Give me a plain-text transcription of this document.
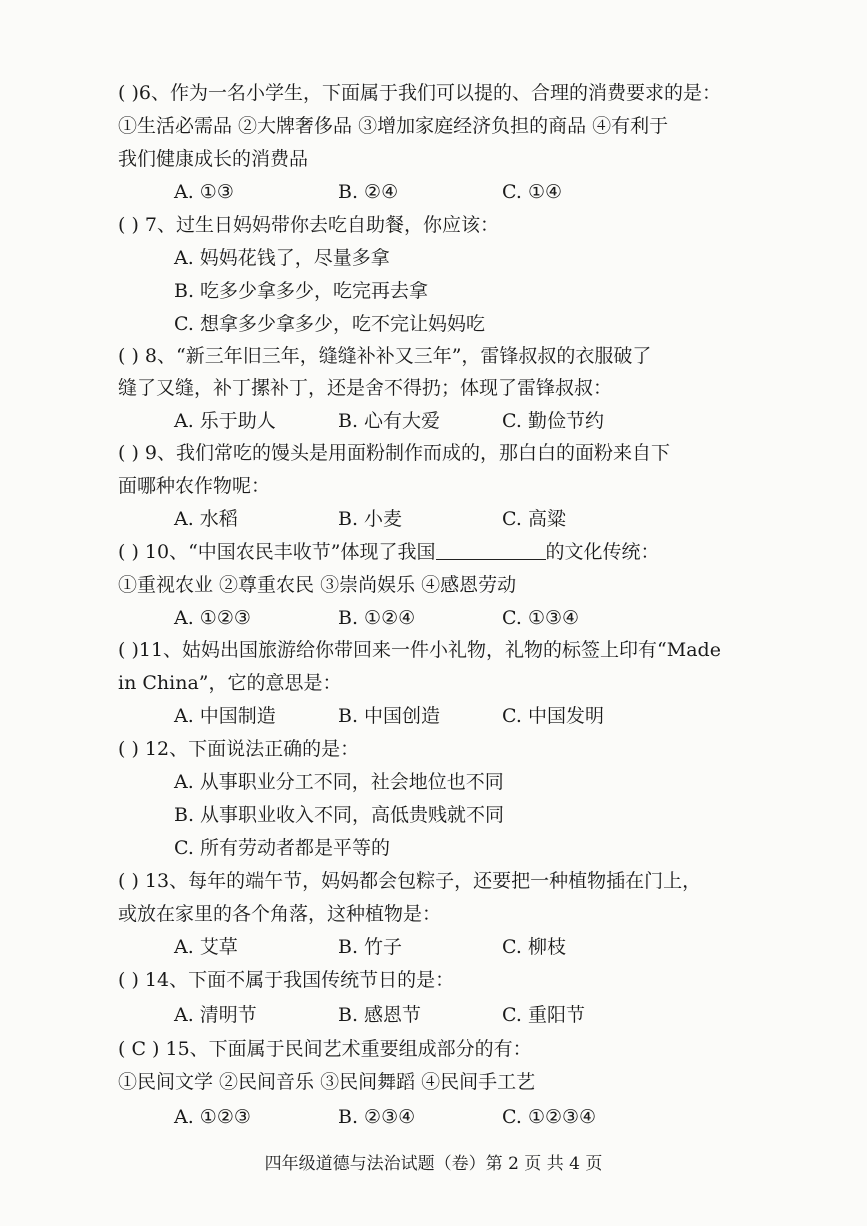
( )6、作为一名小学生，下面属于我们可以提的、合理的消费要求的是：
①生活必需品 ②大牌奢侈品 ③增加家庭经济负担的商品 ④有利于
我们健康成长的消费品
A. ①③	B. ②④	C. ①④
( ) 7、过生日妈妈带你去吃自助餐，你应该：
A. 妈妈花钱了，尽量多拿
B. 吃多少拿多少，吃完再去拿
C. 想拿多少拿多少，吃不完让妈妈吃
( ) 8、“新三年旧三年，缝缝补补又三年”，雷锋叔叔的衣服破了
缝了又缝，补丁摞补丁，还是舍不得扔；体现了雷锋叔叔：
A. 乐于助人	B. 心有大爱	C. 勤俭节约
( ) 9、我们常吃的馒头是用面粉制作而成的，那白白的面粉来自下
面哪种农作物呢：
A. 水稻	B. 小麦	C. 高粱
( ) 10、“中国农民丰收节”体现了我国	的文化传统：
①重视农业 ②尊重农民 ③崇尚娱乐 ④感恩劳动
A. ①②③	B. ①②④	C. ①③④
( )11、姑妈出国旅游给你带回来一件小礼物，礼物的标签上印有“Made
in China”，它的意思是：
A. 中国制造	B. 中国创造	C. 中国发明
( ) 12、下面说法正确的是：
A. 从事职业分工不同，社会地位也不同
B. 从事职业收入不同，高低贵贱就不同
C. 所有劳动者都是平等的
( ) 13、每年的端午节，妈妈都会包粽子，还要把一种植物插在门上，
或放在家里的各个角落，这种植物是：
A. 艾草	B. 竹子	C. 柳枝
( ) 14、下面不属于我国传统节日的是：
A. 清明节	B. 感恩节	C. 重阳节
( C ) 15、下面属于民间艺术重要组成部分的有：
①民间文学 ②民间音乐 ③民间舞蹈 ④民间手工艺
A. ①②③	B. ②③④	C. ①②③④
四年级道德与法治试题（卷）第 2 页 共 4 页
